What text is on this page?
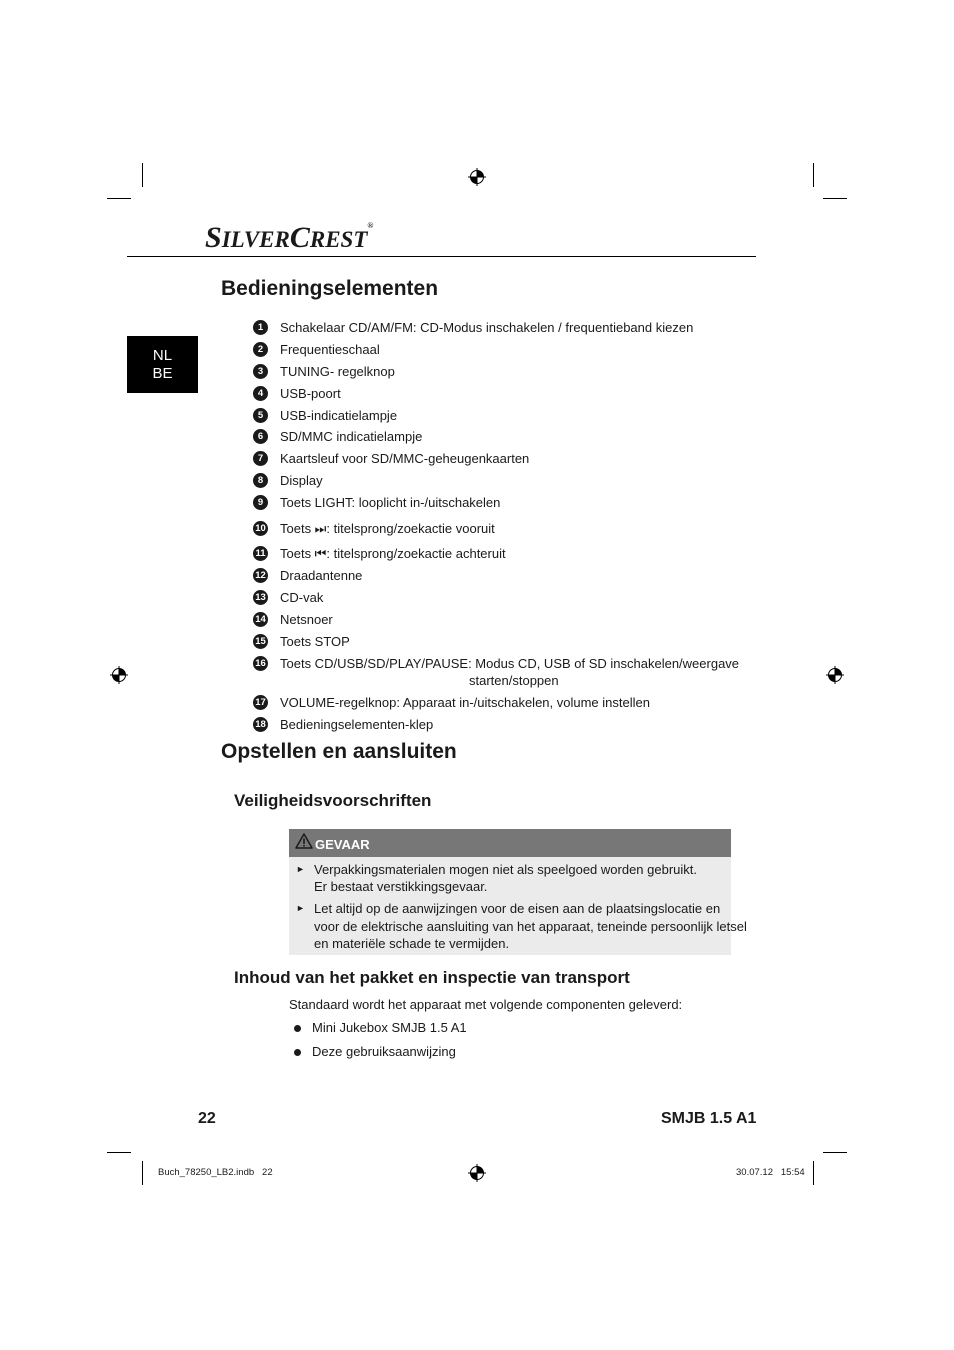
SILVERCREST®
NL
BE
Bedieningselementen
1	Schakelaar CD/AM/FM: CD-Modus inschakelen / frequentieband kiezen
2	Frequentieschaal
3	TUNING- regelknop
4	USB-poort
5	USB-indicatielampje
6	SD/MMC indicatielampje
7	Kaartsleuf voor SD/MMC-geheugenkaarten
8	Display
9	Toets LIGHT: looplicht in-/uitschakelen
10 Toets ⏭: titelsprong/zoekactie vooruit
11 Toets ⏮: titelsprong/zoekactie achteruit
12 Draadantenne
13 CD-vak
14 Netsnoer
15 Toets STOP
16 Toets CD/USB/SD/PLAY/PAUSE: Modus CD, USB of SD inschakelen/weergave
starten/stoppen
17 VOLUME-regelknop: Apparaat in-/uitschakelen, volume instellen
18 Bedieningselementen-klep
Opstellen en aansluiten
Veiligheidsvoorschriften
GEVAAR
► Verpakkingsmaterialen mogen niet als speelgoed worden gebruikt.
Er bestaat verstikkingsgevaar.
► Let altijd op de aanwijzingen voor de eisen aan de plaatsingslocatie en
voor de elektrische aansluiting van het apparaat, teneinde persoonlijk letsel
en materiële schade te vermijden.
Inhoud van het pakket en inspectie van transport
Standaard wordt het apparaat met volgende componenten geleverd:
Mini Jukebox SMJB 1.5 A1
Deze gebruiksaanwijzing
22	SMJB 1.5 A1
Buch_78250_LB2.indb   22	30.07.12   15:54
